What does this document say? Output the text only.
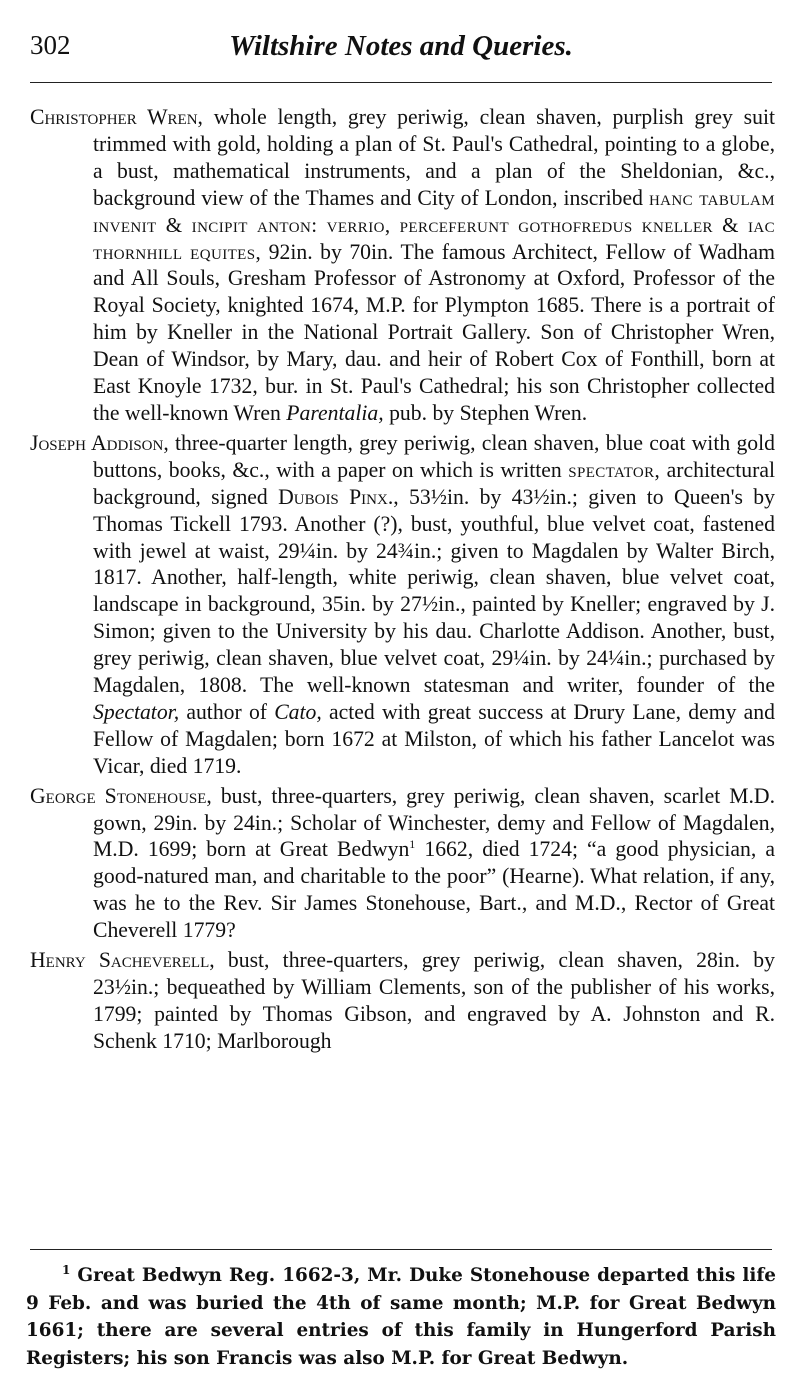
302	Wiltshire Notes and Queries.

Christopher Wren, whole length, grey periwig, clean shaven, purplish grey suit trimmed with gold, holding a plan of St. Paul's Cathedral, pointing to a globe, a bust, mathematical instruments, and a plan of the Sheldonian, &c., background view of the Thames and City of London, inscribed hanc tabulam invenit & incipit anton: verrio, perceferunt gothofredus kneller & iac thornhill equites, 92in. by 70in. The famous Architect, Fellow of Wadham and All Souls, Gresham Professor of Astronomy at Oxford, Professor of the Royal Society, knighted 1674, M.P. for Plympton 1685. There is a portrait of him by Kneller in the National Portrait Gallery. Son of Christopher Wren, Dean of Windsor, by Mary, dau. and heir of Robert Cox of Fonthill, born at East Knoyle 1732, bur. in St. Paul's Cathedral; his son Christopher collected the well-known Wren Parentalia, pub. by Stephen Wren.

Joseph Addison, three-quarter length, grey periwig, clean shaven, blue coat with gold buttons, books, &c., with a paper on which is written spectator, architectural background, signed Dubois Pinx., 53½in. by 43½in.; given to Queen's by Thomas Tickell 1793. Another (?), bust, youthful, blue velvet coat, fastened with jewel at waist, 29¼in. by 24¾in.; given to Magdalen by Walter Birch, 1817. Another, half-length, white periwig, clean shaven, blue velvet coat, landscape in background, 35in. by 27½in., painted by Kneller; engraved by J. Simon; given to the University by his dau. Charlotte Addison. Another, bust, grey periwig, clean shaven, blue velvet coat, 29¼in. by 24¼in.; purchased by Magdalen, 1808. The well-known statesman and writer, founder of the Spectator, author of Cato, acted with great success at Drury Lane, demy and Fellow of Magdalen; born 1672 at Milston, of which his father Lancelot was Vicar, died 1719.

George Stonehouse, bust, three-quarters, grey periwig, clean shaven, scarlet M.D. gown, 29in. by 24in.; Scholar of Winchester, demy and Fellow of Magdalen, M.D. 1699; born at Great Bedwyn$^1$ 1662, died 1724; “a good physician, a good-natured man, and charitable to the poor” (Hearne). What relation, if any, was he to the Rev. Sir James Stonehouse, Bart., and M.D., Rector of Great Cheverell 1779?

Henry Sacheverell, bust, three-quarters, grey periwig, clean shaven, 28in. by 23½in.; bequeathed by William Clements, son of the publisher of his works, 1799; painted by Thomas Gibson, and engraved by A. Johnston and R. Schenk 1710; Marlborough

$^1$ Great Bedwyn Reg. 1662-3, Mr. Duke Stonehouse departed this life 9 Feb. and was buried the 4th of same month; M.P. for Great Bedwyn 1661; there are several entries of this family in Hungerford Parish Registers; his son Francis was also M.P. for Great Bedwyn.
